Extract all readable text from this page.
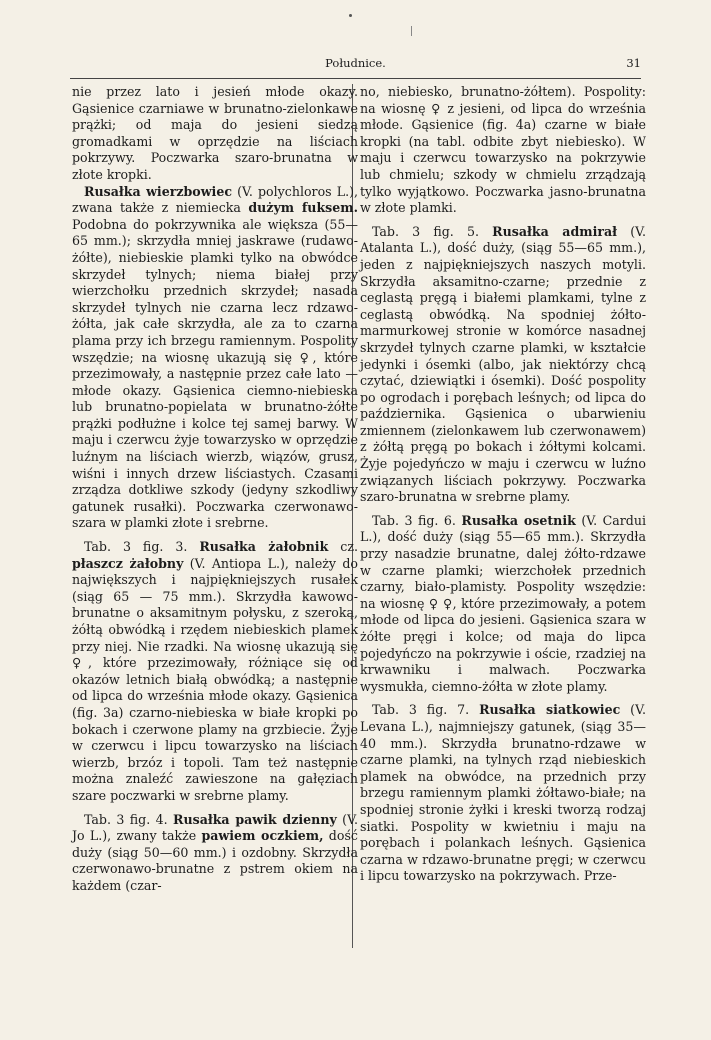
Południce.	31

nie przez lato i jesień młode okazy. Gąsienice czarniawe w brunatno-zielonkawe prążki; od maja do jesieni siedzą gromadkami w oprzędzie na liściach pokrzywy. Poczwarka szaro-brunatna w złote kropki.

Rusałka wierzbowiec (V. polychloros L.), zwana także z niemiecka dużym fuksem. Podobna do pokrzywnika ale większa (55—65 mm.); skrzydła mniej jaskrawe (rudawo-żółte), niebieskie plamki tylko na obwódce skrzydeł tylnych; niema białej przy wierzchołku przednich skrzydeł; nasada skrzydeł tylnych nie czarna lecz rdzawo-żółta, jak całe skrzydła, ale za to czarna plama przy ich brzegu ramiennym. Pospolity wszędzie; na wiosnę ukazują się ♀, które przezimowały, a następnie przez całe lato — młode okazy. Gąsienica ciemno-niebieska lub brunatno-popielata w brunatno-żółte prążki podłużne i kolce tej samej barwy. W maju i czerwcu żyje towarzysko w oprzędzie luźnym na liściach wierzb, wiązów, grusz, wiśni i innych drzew liściastych. Czasami zrządza dotkliwe szkody (jedyny szkodliwy gatunek rusałki). Poczwarka czerwonawo-szara w plamki złote i srebrne.

Tab. 3 fig. 3. Rusałka żałobnik cz. płaszcz żałobny (V. Antiopa L.), należy do największych i najpiękniejszych rusałek (siąg 65 — 75 mm.). Skrzydła kawowo-brunatne o aksamitnym połysku, z szeroką, żółtą obwódką i rzędem niebieskich plamek przy niej. Nie rzadki. Na wiosnę ukazują się ♀, które przezimowały, różniące się od okazów letnich białą obwódką; a następnie od lipca do września młode okazy. Gąsienica (fig. 3a) czarno-niebieska w białe kropki po bokach i czerwone plamy na grzbiecie. Żyje w czerwcu i lipcu towarzysko na liściach wierzb, brzóz i topoli. Tam też następnie można znaleźć zawieszone na gałęziach szare poczwarki w srebrne plamy.

Tab. 3 fig. 4. Rusałka pawik dzienny (V. Jo L.), zwany także pawiem oczkiem, dość duży (siąg 50—60 mm.) i ozdobny. Skrzydła czerwonawo-brunatne z pstrem okiem na każdem (czar-

no, niebiesko, brunatno-żółtem). Pospolity: na wiosnę ♀ z jesieni, od lipca do września młode. Gąsienice (fig. 4a) czarne w białe kropki (na tabl. odbite zbyt niebiesko). W maju i czerwcu towarzysko na pokrzywie lub chmielu; szkody w chmielu zrządzają tylko wyjątkowo. Poczwarka jasno-brunatna w złote plamki.

Tab. 3 fig. 5. Rusałka admirał (V. Atalanta L.), dość duży, (siąg 55—65 mm.), jeden z najpiękniejszych naszych motyli. Skrzydła aksamitno-czarne; przednie z ceglastą pręgą i białemi plamkami, tylne z ceglastą obwódką. Na spodniej żółto-marmurkowej stronie w komórce nasadnej skrzydeł tylnych czarne plamki, w kształcie jedynki i ósemki (albo, jak niektórzy chcą czytać, dziewiątki i ósemki). Dość pospolity po ogrodach i porębach leśnych; od lipca do października. Gąsienica o ubarwieniu zmiennem (zielonkawem lub czerwonawem) z żółtą pręgą po bokach i żółtymi kolcami. Żyje pojedyńczo w maju i czerwcu w luźno związanych liściach pokrzywy. Poczwarka szaro-brunatna w srebrne plamy.

Tab. 3 fig. 6. Rusałka osetnik (V. Cardui L.), dość duży (siąg 55—65 mm.). Skrzydła przy nasadzie brunatne, dalej żółto-rdzawe w czarne plamki; wierzchołek przednich czarny, biało-plamisty. Pospolity wszędzie: na wiosnę ♀ ♀, które przezimowały, a potem młode od lipca do jesieni. Gąsienica szara w żółte pręgi i kolce; od maja do lipca pojedyńczo na pokrzywie i oście, rzadziej na krwawniku i malwach. Poczwarka wysmukła, ciemno-żółta w złote plamy.

Tab. 3 fig. 7. Rusałka siatkowiec (V. Levana L.), najmniejszy gatunek, (siąg 35—40 mm.). Skrzydła brunatno-rdzawe w czarne plamki, na tylnych rząd niebieskich plamek na obwódce, na przednich przy brzegu ramiennym plamki żółtawo-białe; na spodniej stronie żyłki i kreski tworzą rodzaj siatki. Pospolity w kwietniu i maju na porębach i polankach leśnych. Gąsienica czarna w rdzawo-brunatne pręgi; w czerwcu i lipcu towarzysko na pokrzywach. Prze-
